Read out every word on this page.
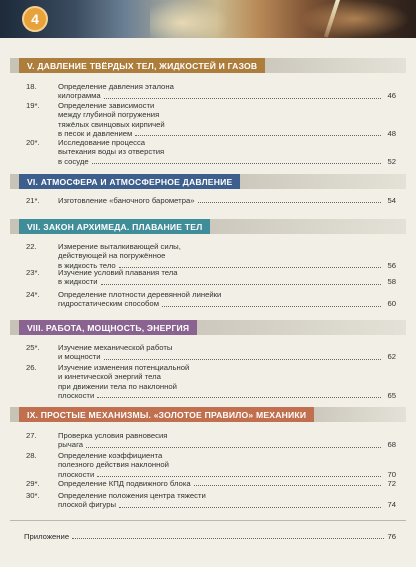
4
V. ДАВЛЕНИЕ ТВЁРДЫХ ТЕЛ, ЖИДКОСТЕЙ И ГАЗОВ
18.	Определение давления эталона
килограмма	46
19*.	Определение зависимости
между глубиной погружения
тяжёлых свинцовых кирпичей
в песок и давлением	48
20*.	Исследование процесса
вытекания воды из отверстия
в сосуде	52
VI. АТМОСФЕРА И АТМОСФЕРНОЕ ДАВЛЕНИЕ
21*.	Изготовление «баночного барометра»	54
VII. ЗАКОН АРХИМЕДА. ПЛАВАНИЕ ТЕЛ
22.	Измерение выталкивающей силы,
действующей на погружённое
в жидкость тело	56
23*.	Изучение условий плавания тела
в жидкости	58
24*.	Определение плотности деревянной линейки
гидростатическим способом	60
VIII. РАБОТА, МОЩНОСТЬ, ЭНЕРГИЯ
25*.	Изучение механической работы
и мощности	62
26.	Изучение изменения потенциальной
и кинетической энергий тела
при движении тела по наклонной
плоскости	65
IX. ПРОСТЫЕ МЕХАНИЗМЫ. «ЗОЛОТОЕ ПРАВИЛО» МЕХАНИКИ
27.	Проверка условия равновесия
рычага	68
28.	Определение коэффициента
полезного действия наклонной
плоскости	70
29*.	Определение КПД подвижного блока	72
30*.	Определение положения центра тяжести
плоской фигуры	74
Приложение	76
